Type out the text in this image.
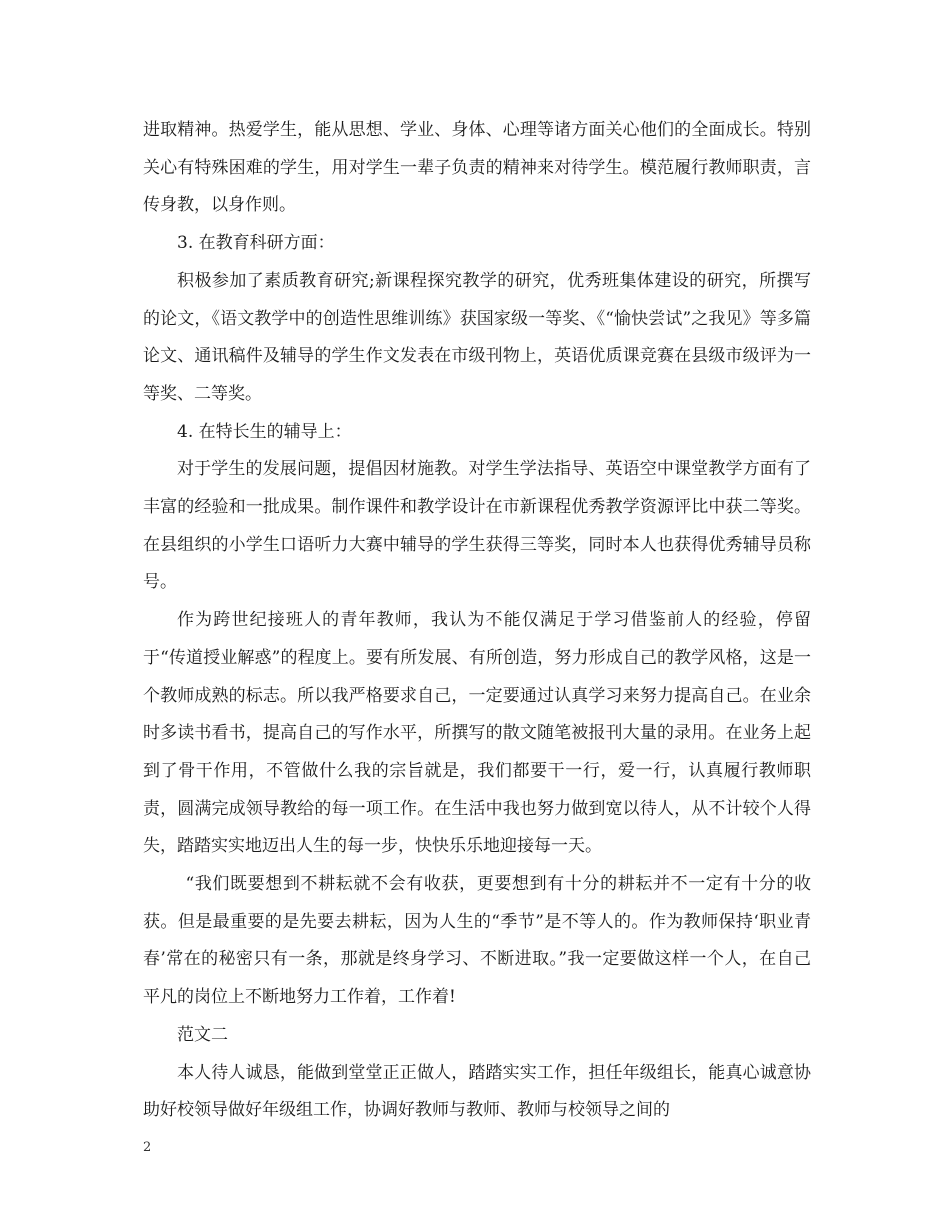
进取精神。热爱学生，能从思想、学业、身体、心理等诸方面关心他们的全面成长。特别关心有特殊困难的学生，用对学生一辈子负责的精神来对待学生。模范履行教师职责，言传身教，以身作则。

3. 在教育科研方面：

积极参加了素质教育研究;新课程探究教学的研究，优秀班集体建设的研究，所撰写的论文，《语文教学中的创造性思维训练》获国家级一等奖、《“愉快尝试”之我见》等多篇论文、通讯稿件及辅导的学生作文发表在市级刊物上，英语优质课竞赛在县级市级评为一等奖、二等奖。

4. 在特长生的辅导上：

对于学生的发展问题，提倡因材施教。对学生学法指导、英语空中课堂教学方面有了丰富的经验和一批成果。制作课件和教学设计在市新课程优秀教学资源评比中获二等奖。在县组织的小学生口语听力大赛中辅导的学生获得三等奖，同时本人也获得优秀辅导员称号。

作为跨世纪接班人的青年教师，我认为不能仅满足于学习借鉴前人的经验，停留于“传道授业解惑”的程度上。要有所发展、有所创造，努力形成自己的教学风格，这是一个教师成熟的标志。所以我严格要求自己，一定要通过认真学习来努力提高自己。在业余时多读书看书，提高自己的写作水平，所撰写的散文随笔被报刊大量的录用。在业务上起到了骨干作用，不管做什么我的宗旨就是，我们都要干一行，爱一行，认真履行教师职责，圆满完成领导教给的每一项工作。在生活中我也努力做到宽以待人，从不计较个人得失，踏踏实实地迈出人生的每一步，快快乐乐地迎接每一天。

“我们既要想到不耕耘就不会有收获，更要想到有十分的耕耘并不一定有十分的收获。但是最重要的是先要去耕耘，因为人生的“季节”是不等人的。作为教师保持‘职业青春’常在的秘密只有一条，那就是终身学习、不断进取。”我一定要做这样一个人，在自己平凡的岗位上不断地努力工作着，工作着!

范文二

本人待人诚恳，能做到堂堂正正做人，踏踏实实工作，担任年级组长，能真心诚意协助好校领导做好年级组工作，协调好教师与教师、教师与校领导之间的

2
